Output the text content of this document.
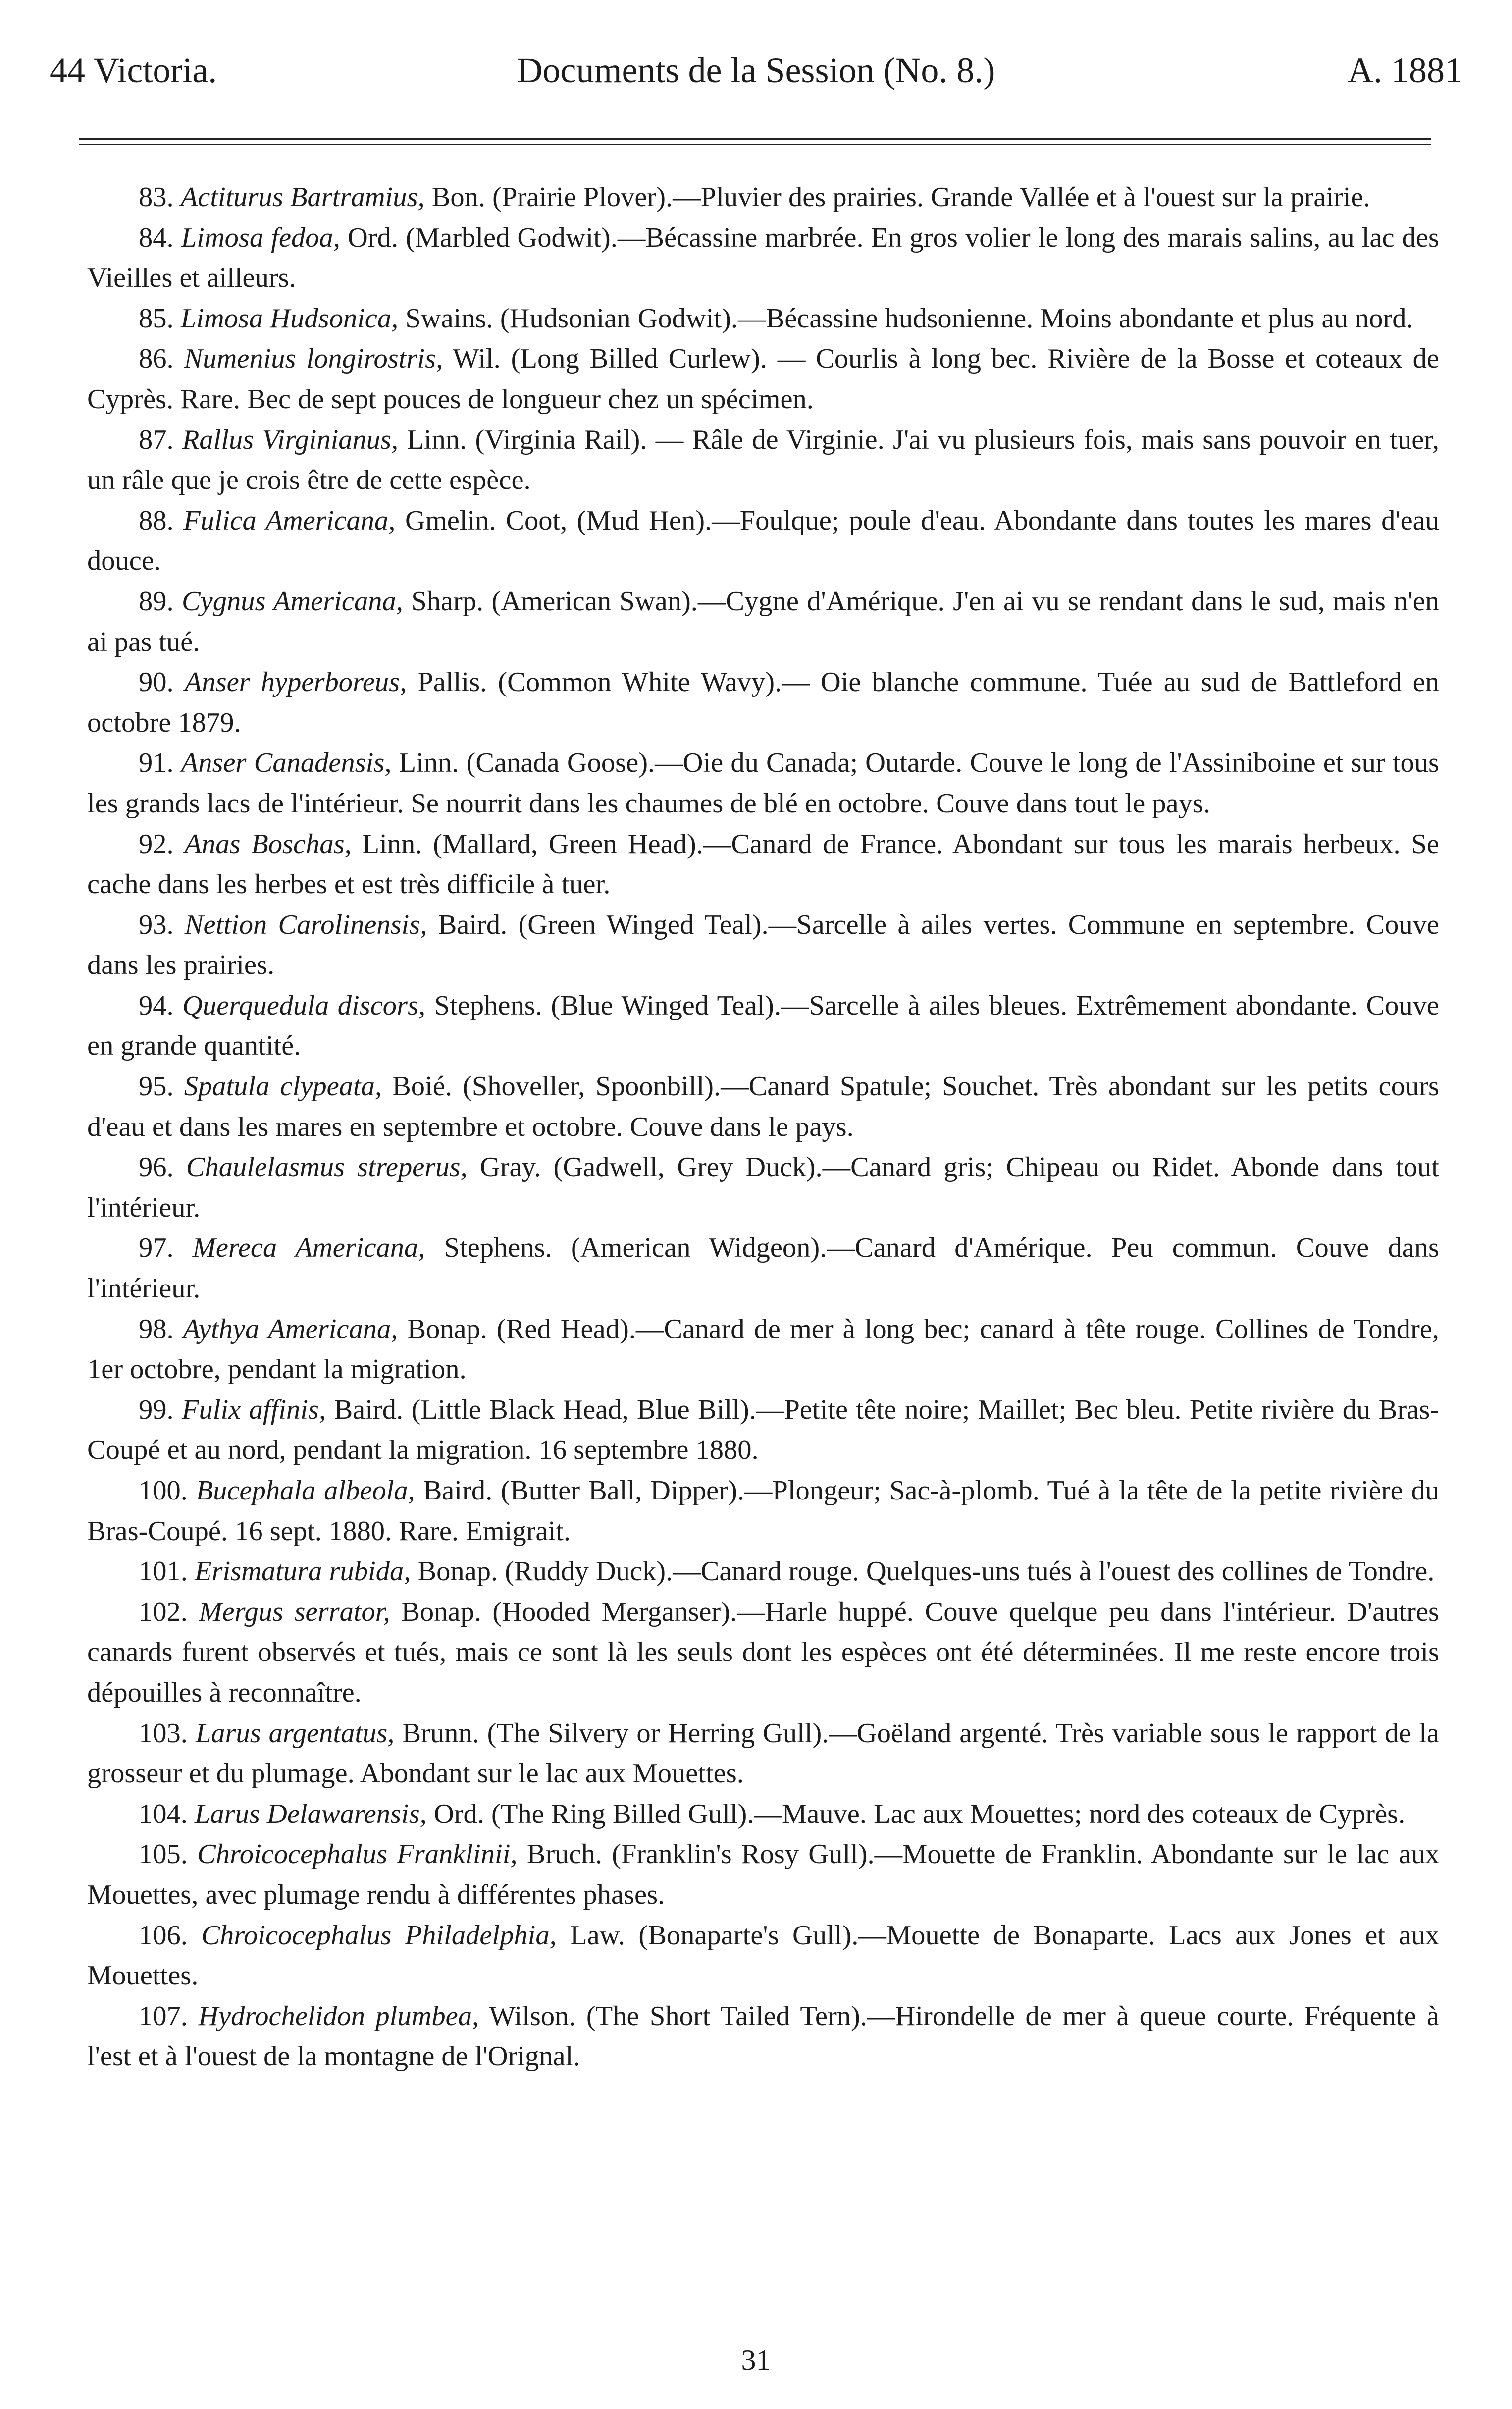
44 Victoria.	Documents de la Session (No. 8.)	A. 1881

83. Actiturus Bartramius, Bon. (Prairie Plover).—Pluvier des prairies. Grande Vallée et à l'ouest sur la prairie.

84. Limosa fedoa, Ord. (Marbled Godwit).—Bécassine marbrée. En gros volier le long des marais salins, au lac des Vieilles et ailleurs.

85. Limosa Hudsonica, Swains. (Hudsonian Godwit).—Bécassine hudsonienne. Moins abondante et plus au nord.

86. Numenius longirostris, Wil. (Long Billed Curlew). — Courlis à long bec. Rivière de la Bosse et coteaux de Cyprès. Rare. Bec de sept pouces de longueur chez un spécimen.

87. Rallus Virginianus, Linn. (Virginia Rail). — Râle de Virginie. J'ai vu plusieurs fois, mais sans pouvoir en tuer, un râle que je crois être de cette espèce.

88. Fulica Americana, Gmelin. Coot, (Mud Hen).—Foulque; poule d'eau. Abondante dans toutes les mares d'eau douce.

89. Cygnus Americana, Sharp. (American Swan).—Cygne d'Amérique. J'en ai vu se rendant dans le sud, mais n'en ai pas tué.

90. Anser hyperboreus, Pallis. (Common White Wavy).— Oie blanche commune. Tuée au sud de Battleford en octobre 1879.

91. Anser Canadensis, Linn. (Canada Goose).—Oie du Canada; Outarde. Couve le long de l'Assiniboine et sur tous les grands lacs de l'intérieur. Se nourrit dans les chaumes de blé en octobre. Couve dans tout le pays.

92. Anas Boschas, Linn. (Mallard, Green Head).—Canard de France. Abondant sur tous les marais herbeux. Se cache dans les herbes et est très difficile à tuer.

93. Nettion Carolinensis, Baird. (Green Winged Teal).—Sarcelle à ailes vertes. Commune en septembre. Couve dans les prairies.

94. Querquedula discors, Stephens. (Blue Winged Teal).—Sarcelle à ailes bleues. Extrêmement abondante. Couve en grande quantité.

95. Spatula clypeata, Boié. (Shoveller, Spoonbill).—Canard Spatule; Souchet. Très abondant sur les petits cours d'eau et dans les mares en septembre et octobre. Couve dans le pays.

96. Chaulelasmus streperus, Gray. (Gadwell, Grey Duck).—Canard gris; Chipeau ou Ridet. Abonde dans tout l'intérieur.

97. Mereca Americana, Stephens. (American Widgeon).—Canard d'Amérique. Peu commun. Couve dans l'intérieur.

98. Aythya Americana, Bonap. (Red Head).—Canard de mer à long bec; canard à tête rouge. Collines de Tondre, 1er octobre, pendant la migration.

99. Fulix affinis, Baird. (Little Black Head, Blue Bill).—Petite tête noire; Maillet; Bec bleu. Petite rivière du Bras-Coupé et au nord, pendant la migration. 16 septembre 1880.

100. Bucephala albeola, Baird. (Butter Ball, Dipper).—Plongeur; Sac-à-plomb. Tué à la tête de la petite rivière du Bras-Coupé. 16 sept. 1880. Rare. Emigrait.

101. Erismatura rubida, Bonap. (Ruddy Duck).—Canard rouge. Quelques-uns tués à l'ouest des collines de Tondre.

102. Mergus serrator, Bonap. (Hooded Merganser).—Harle huppé. Couve quelque peu dans l'intérieur. D'autres canards furent observés et tués, mais ce sont là les seuls dont les espèces ont été déterminées. Il me reste encore trois dépouilles à reconnaître.

103. Larus argentatus, Brunn. (The Silvery or Herring Gull).—Goëland argenté. Très variable sous le rapport de la grosseur et du plumage. Abondant sur le lac aux Mouettes.

104. Larus Delawarensis, Ord. (The Ring Billed Gull).—Mauve. Lac aux Mouettes; nord des coteaux de Cyprès.

105. Chroicocephalus Franklinii, Bruch. (Franklin's Rosy Gull).—Mouette de Franklin. Abondante sur le lac aux Mouettes, avec plumage rendu à différentes phases.

106. Chroicocephalus Philadelphia, Law. (Bonaparte's Gull).—Mouette de Bonaparte. Lacs aux Jones et aux Mouettes.

107. Hydrochelidon plumbea, Wilson. (The Short Tailed Tern).—Hirondelle de mer à queue courte. Fréquente à l'est et à l'ouest de la montagne de l'Orignal.

31
